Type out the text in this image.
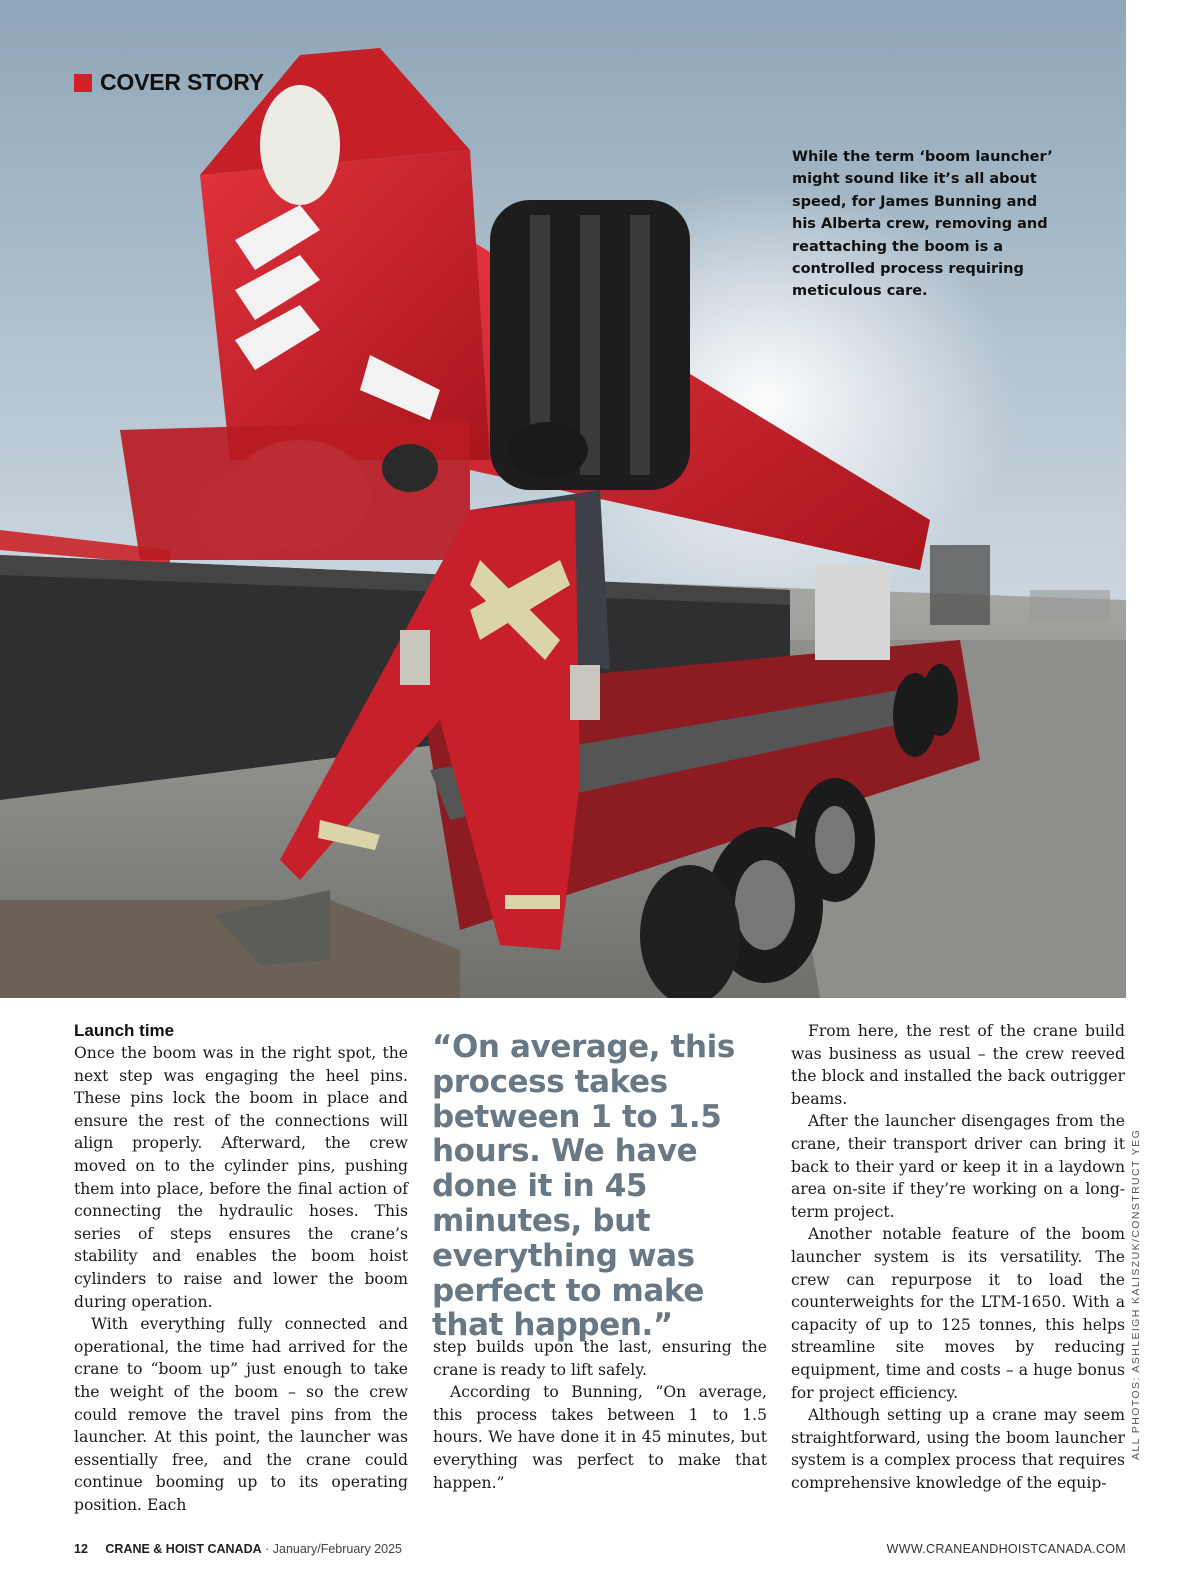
COVER STORY
While the term ‘boom launcher’ might sound like it’s all about speed, for James Bunning and his Alberta crew, removing and reattaching the boom is a controlled process requiring meticulous care.
Launch time

Once the boom was in the right spot, the next step was engaging the heel pins. These pins lock the boom in place and ensure the rest of the connections will align properly. Afterward, the crew moved on to the cylinder pins, pushing them into place, before the final action of connecting the hydraulic hoses. This series of steps ensures the crane’s stability and enables the boom hoist cylinders to raise and lower the boom during operation.

With everything fully connected and operational, the time had arrived for the crane to “boom up” just enough to take the weight of the boom – so the crew could remove the travel pins from the launcher. At this point, the launcher was essentially free, and the crane could continue booming up to its operating position. Each

“On average, this process takes between 1 to 1.5 hours. We have done it in 45 minutes, but everything was perfect to make that happen.”

step builds upon the last, ensuring the crane is ready to lift safely.

According to Bunning, “On average, this process takes between 1 to 1.5 hours. We have done it in 45 minutes, but everything was perfect to make that happen.”

From here, the rest of the crane build was business as usual – the crew reeved the block and installed the back outrigger beams.

After the launcher disengages from the crane, their transport driver can bring it back to their yard or keep it in a laydown area on-site if they’re working on a long-term project.

Another notable feature of the boom launcher system is its versatility. The crew can repurpose it to load the counterweights for the LTM-1650. With a capacity of up to 125 tonnes, this helps streamline site moves by reducing equipment, time and costs – a huge bonus for project efficiency.

Although setting up a crane may seem straightforward, using the boom launcher system is a complex process that requires comprehensive knowledge of the equip-

ALL PHOTOS: ASHLEIGH KALISZUK/CONSTRUCT YEG
12 CRANE & HOIST CANADA · January/February 2025	WWW.CRANEANDHOISTCANADA.COM
